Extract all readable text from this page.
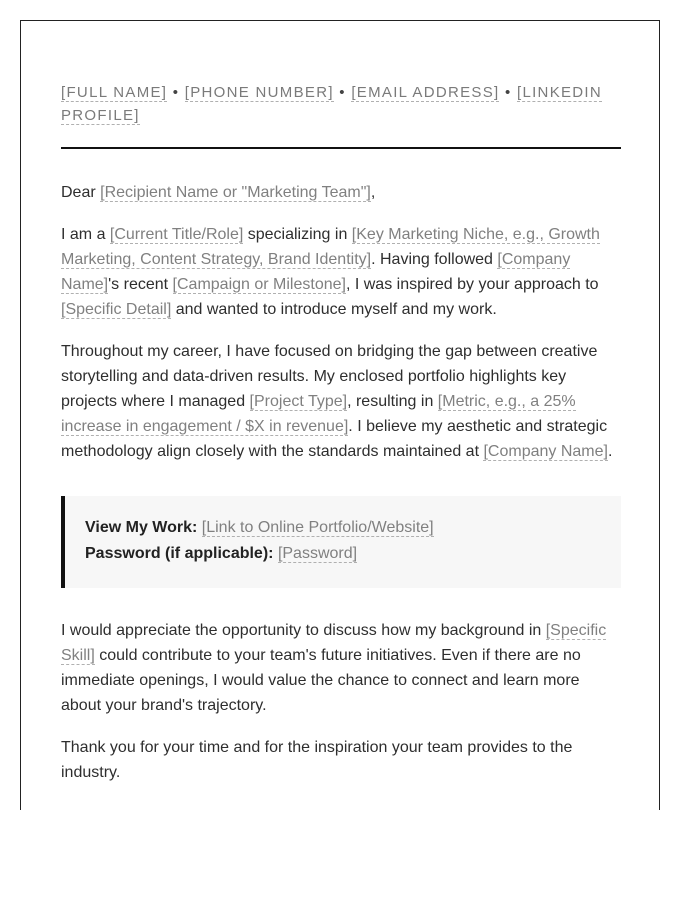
[FULL NAME] • [PHONE NUMBER] • [EMAIL ADDRESS] • [LINKEDIN PROFILE]

Dear [Recipient Name or "Marketing Team"],

I am a [Current Title/Role] specializing in [Key Marketing Niche, e.g., Growth Marketing, Content Strategy, Brand Identity]. Having followed [Company Name]'s recent [Campaign or Milestone], I was inspired by your approach to [Specific Detail] and wanted to introduce myself and my work.

Throughout my career, I have focused on bridging the gap between creative storytelling and data-driven results. My enclosed portfolio highlights key projects where I managed [Project Type], resulting in [Metric, e.g., a 25% increase in engagement / $X in revenue]. I believe my aesthetic and strategic methodology align closely with the standards maintained at [Company Name].

View My Work: [Link to Online Portfolio/Website]
Password (if applicable): [Password]

I would appreciate the opportunity to discuss how my background in [Specific Skill] could contribute to your team's future initiatives. Even if there are no immediate openings, I would value the chance to connect and learn more about your brand's trajectory.

Thank you for your time and for the inspiration your team provides to the industry.
